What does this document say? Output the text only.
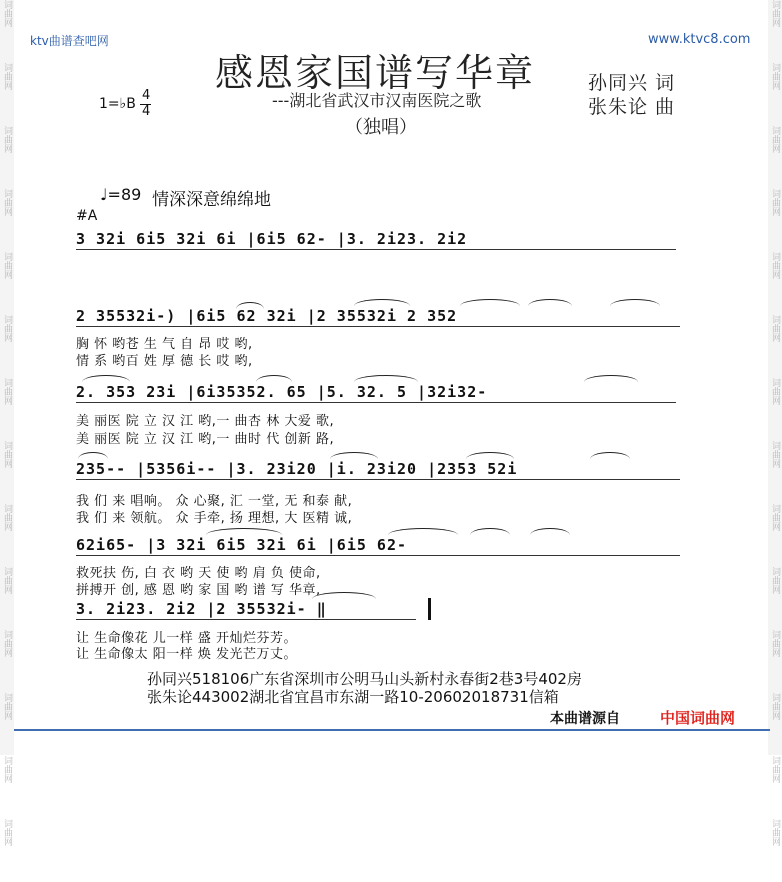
词曲网
词曲网
词曲网
词曲网
词曲网
词曲网
词曲网
词曲网
词曲网
词曲网
词曲网
词曲网
词曲网
词曲网
词曲网
词曲网
词曲网
词曲网
词曲网
词曲网
词曲网
词曲网
词曲网
词曲网
词曲网
词曲网
词曲网
词曲网
ktv曲谱查吧网	www.ktvc8.com
感恩家国谱写华章
---湖北省武汉市汉南医院之歌
（独唱）
孙同兴 词
张朱论 曲
1=♭B
4
4
♩=89 情深深意绵绵地
#A
3 32i 6i5 32i 6i |6i5 62- |3. 2i23. 2i2
2 35532i-) |6i5 62 32i |2 35532i 2 352
胸 怀 哟苍 生 气 自 昂 哎 哟,
情 系 哟百 姓 厚 德 长 哎 哟,
2. 353 23i |6i35352. 65 |5. 32. 5 |32i32-
美 丽医 院 立 汉 江 哟,一 曲杏 林 大爱 歌,
美 丽医 院 立 汉 江 哟,一 曲时 代 创新 路,
235-- |5356i-- |3. 23i20 |i. 23i20 |2353 52i
我 们 来 唱响。 众 心聚, 汇 一堂, 无 和泰 献,
我 们 来 领航。 众 手牵, 扬 理想, 大 医精 诚,
62i65- |3 32i 6i5 32i 6i |6i5 62-
救死扶 伤, 白 衣 哟 天 使 哟 肩 负 使命,
拼搏开 创, 感 恩 哟 家 国 哟 谱 写 华章,
3. 2i23. 2i2 |2 35532i- ‖
让 生命像花 儿一样 盛 开灿烂芬芳。
让 生命像太 阳一样 焕 发光芒万丈。
孙同兴518106广东省深圳市公明马山头新村永春街2巷3号402房
张朱论443002湖北省宜昌市东湖一路10-20602018731信箱
本曲谱源自	中国词曲网
